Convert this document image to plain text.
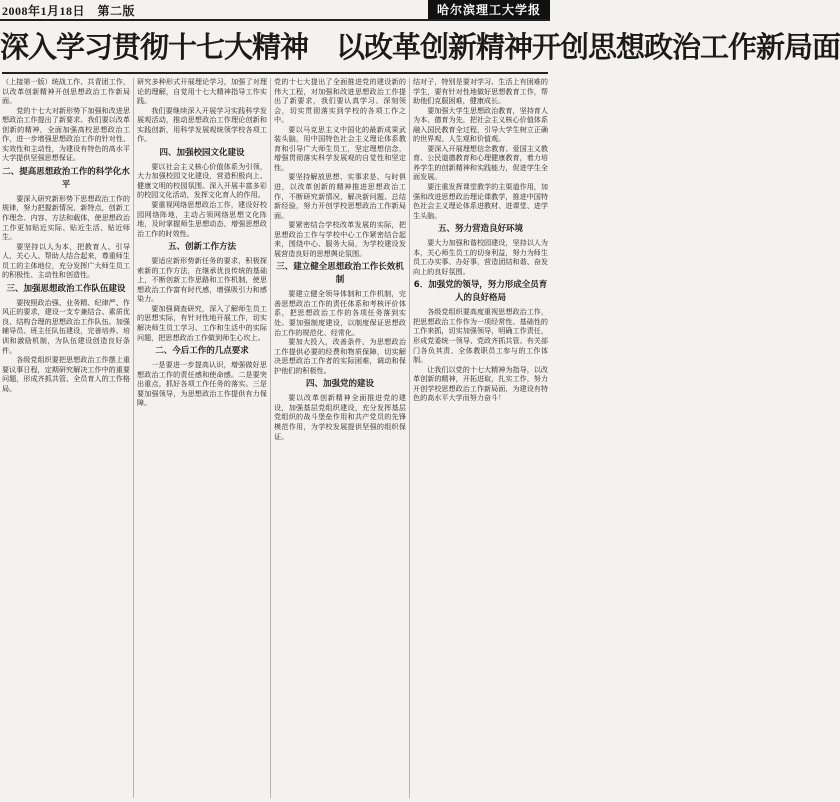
2008年1月18日　第二版	哈尔滨理工大学报
深入学习贯彻十七大精神　以改革创新精神开创思想政治工作新局面

（上接第一版）统战工作、共青团工作，以改革创新精神开创思想政治工作新局面。

党的十七大对新形势下加强和改进思想政治工作提出了新要求。我们要以改革创新的精神，全面加强高校思想政治工作，进一步增强思想政治工作的针对性、实效性和主动性，为建设有特色的高水平大学提供坚强思想保证。

二、提高思想政治工作的科学化水平

要深入研究新形势下思想政治工作的规律，努力把握新情况、新特点，创新工作理念、内容、方法和载体，使思想政治工作更加贴近实际、贴近生活、贴近师生。

要坚持以人为本，把教育人、引导人、关心人、帮助人结合起来，尊重师生员工的主体地位，充分发挥广大师生员工的积极性、主动性和创造性。

三、加强思想政治工作队伍建设

要按照政治强、业务精、纪律严、作风正的要求，建设一支专兼结合、素质优良、结构合理的思想政治工作队伍。加强辅导员、班主任队伍建设，完善培养、培训和激励机制，为队伍建设创造良好条件。

各级党组织要把思想政治工作摆上重要议事日程，定期研究解决工作中的重要问题，形成齐抓共管、全员育人的工作格局。

研究多种形式开展理论学习，加强了对理论的理解，自觉用十七大精神指导工作实践。

我们要继续深入开展学习实践科学发展观活动，推动思想政治工作理论创新和实践创新，用科学发展观统领学校各项工作。

四、加强校园文化建设

要以社会主义核心价值体系为引领，大力加强校园文化建设，营造积极向上、健康文明的校园氛围。深入开展丰富多彩的校园文化活动，发挥文化育人的作用。

要重视网络思想政治工作，建设好校园网络阵地，主动占领网络思想文化阵地，及时掌握师生思想动态，增强思想政治工作的时效性。

五、创新工作方法

要适应新形势新任务的要求，积极探索新的工作方法，在继承优良传统的基础上，不断创新工作思路和工作机制，使思想政治工作富有时代感，增强吸引力和感染力。

要加强调查研究，深入了解师生员工的思想实际，有针对性地开展工作，切实解决师生员工学习、工作和生活中的实际问题，把思想政治工作做到师生心坎上。

二、今后工作的几点要求

一是要进一步提高认识，增强做好思想政治工作的责任感和使命感。二是要突出重点，抓好各项工作任务的落实。三是要加强领导，为思想政治工作提供有力保障。

党的十七大提出了全面推进党的建设新的伟大工程，对加强和改进思想政治工作提出了新要求，我们要认真学习、深刻领会，切实贯彻落实到学校的各项工作之中。

要以马克思主义中国化的最新成果武装头脑，用中国特色社会主义理论体系教育和引导广大师生员工，坚定理想信念，增强贯彻落实科学发展观的自觉性和坚定性。

要坚持解放思想、实事求是、与时俱进，以改革创新的精神推进思想政治工作，不断研究新情况、解决新问题、总结新经验，努力开创学校思想政治工作新局面。

要紧密结合学校改革发展的实际，把思想政治工作与学校中心工作紧密结合起来，围绕中心、服务大局，为学校建设发展营造良好的思想舆论氛围。

三、建立健全思想政治工作长效机制

要建立健全领导体制和工作机制，完善思想政治工作的责任体系和考核评价体系，把思想政治工作的各项任务落到实处。要加强制度建设，以制度保证思想政治工作的规范化、经常化。

要加大投入，改善条件，为思想政治工作提供必要的经费和物质保障，切实解决思想政治工作者的实际困难，调动和保护他们的积极性。

四、加强党的建设

要以改革创新精神全面推进党的建设，加强基层党组织建设，充分发挥基层党组织的战斗堡垒作用和共产党员的先锋模范作用，为学校发展提供坚强的组织保证。

结对子，特别是要对学习、生活上有困难的学生，要有针对性地做好思想教育工作，帮助他们克服困难，健康成长。

要加强大学生思想政治教育，坚持育人为本、德育为先，把社会主义核心价值体系融入国民教育全过程，引导大学生树立正确的世界观、人生观和价值观。

要深入开展理想信念教育、爱国主义教育、公民道德教育和心理健康教育，着力培养学生的创新精神和实践能力，促进学生全面发展。

要注重发挥课堂教学的主渠道作用，加强和改进思想政治理论课教学，推进中国特色社会主义理论体系进教材、进课堂、进学生头脑。

五、努力营造良好环境

要大力加强和谐校园建设，坚持以人为本，关心师生员工的切身利益，努力为师生员工办实事、办好事，营造团结和谐、奋发向上的良好氛围。

6．加强党的领导，努力形成全员育人的良好格局

各级党组织要高度重视思想政治工作，把思想政治工作作为一项经常性、基础性的工作来抓，切实加强领导，明确工作责任，形成党委统一领导、党政齐抓共管、有关部门各负其责、全体教职员工参与的工作体制。

让我们以党的十七大精神为指导，以改革创新的精神，开拓进取，扎实工作，努力开创学校思想政治工作新局面，为建设有特色的高水平大学而努力奋斗！
